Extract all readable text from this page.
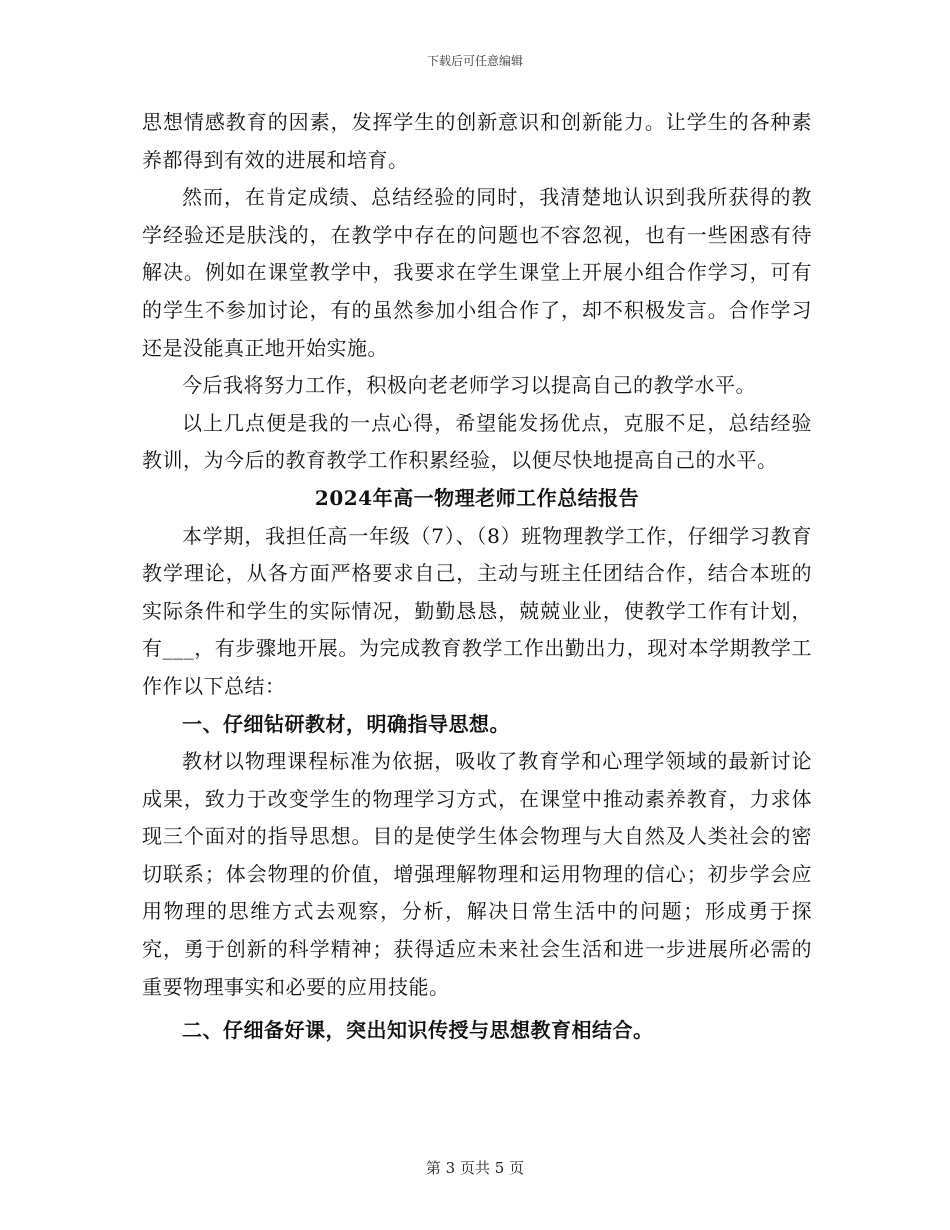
下载后可任意编辑

思想情感教育的因素，发挥学生的创新意识和创新能力。让学生的各种素养都得到有效的进展和培育。

然而，在肯定成绩、总结经验的同时，我清楚地认识到我所获得的教学经验还是肤浅的，在教学中存在的问题也不容忽视，也有一些困惑有待解决。例如在课堂教学中，我要求在学生课堂上开展小组合作学习，可有的学生不参加讨论，有的虽然参加小组合作了，却不积极发言。合作学习还是没能真正地开始实施。

今后我将努力工作，积极向老老师学习以提高自己的教学水平。

以上几点便是我的一点心得，希望能发扬优点，克服不足，总结经验教训，为今后的教育教学工作积累经验，以便尽快地提高自己的水平。

2024年高一物理老师工作总结报告

本学期，我担任高一年级（7）、（8）班物理教学工作，仔细学习教育教学理论，从各方面严格要求自己，主动与班主任团结合作，结合本班的实际条件和学生的实际情况，勤勤恳恳，兢兢业业，使教学工作有计划，有___，有步骤地开展。为完成教育教学工作出勤出力，现对本学期教学工作作以下总结：

一、仔细钻研教材，明确指导思想。

教材以物理课程标准为依据，吸收了教育学和心理学领域的最新讨论成果，致力于改变学生的物理学习方式，在课堂中推动素养教育，力求体现三个面对的指导思想。目的是使学生体会物理与大自然及人类社会的密切联系；体会物理的价值，增强理解物理和运用物理的信心；初步学会应用物理的思维方式去观察，分析，解决日常生活中的问题；形成勇于探究，勇于创新的科学精神；获得适应未来社会生活和进一步进展所必需的重要物理事实和必要的应用技能。

二、仔细备好课，突出知识传授与思想教育相结合。

第 3 页共 5 页
